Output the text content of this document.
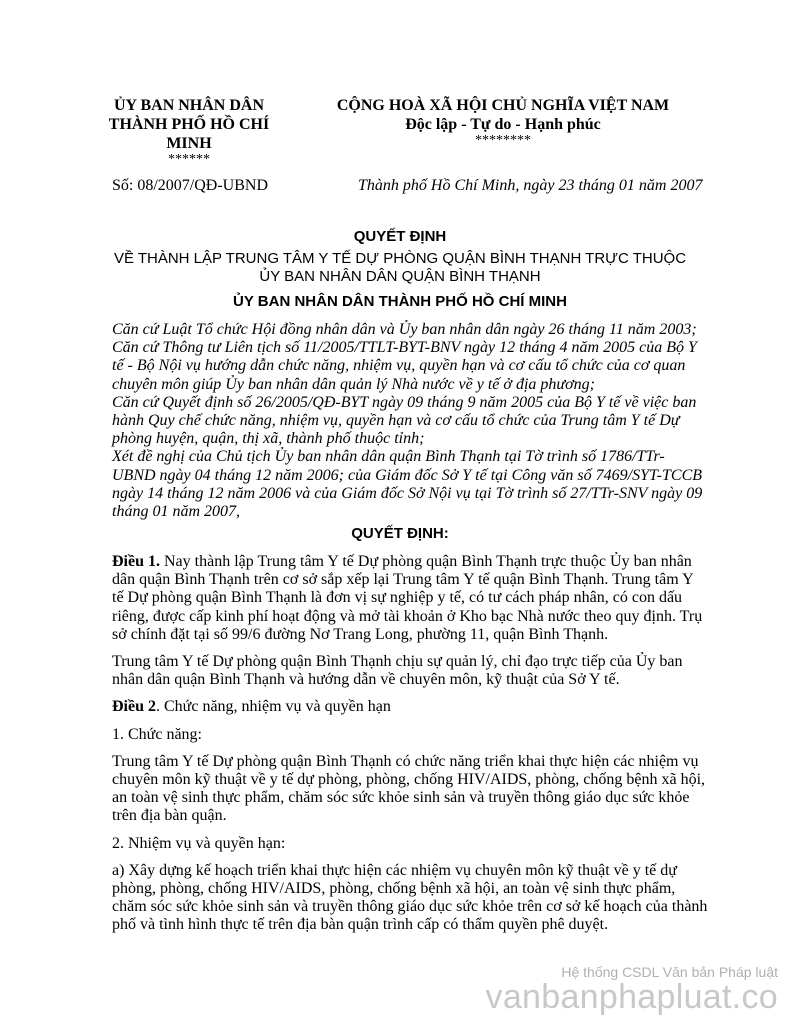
ỦY BAN NHÂN DÂN
THÀNH PHỐ HỒ CHÍ
MINH
******
CỘNG HOÀ XÃ HỘI CHỦ NGHĨA VIỆT NAM
Độc lập - Tự do - Hạnh phúc
********
Số: 08/2007/QĐ-UBND	Thành phố Hồ Chí Minh, ngày 23 tháng 01 năm 2007
QUYẾT ĐỊNH
VỀ THÀNH LẬP TRUNG TÂM Y TẾ DỰ PHÒNG QUẬN BÌNH THẠNH TRỰC THUỘC
ỦY BAN NHÂN DÂN QUẬN BÌNH THẠNH
ỦY BAN NHÂN DÂN THÀNH PHỐ HỒ CHÍ MINH

Căn cứ Luật Tổ chức Hội đồng nhân dân và Ủy ban nhân dân ngày 26 tháng 11 năm 2003;

Căn cứ Thông tư Liên tịch số 11/2005/TTLT-BYT-BNV ngày 12 tháng 4 năm 2005 của Bộ Y tế - Bộ Nội vụ hướng dẫn chức năng, nhiệm vụ, quyền hạn và cơ cấu tổ chức của cơ quan chuyên môn giúp Ủy ban nhân dân quản lý Nhà nước về y tế ở địa phương;

Căn cứ Quyết định số 26/2005/QĐ-BYT ngày 09 tháng 9 năm 2005 của Bộ Y tế về việc ban hành Quy chế chức năng, nhiệm vụ, quyền hạn và cơ cấu tổ chức của Trung tâm Y tế Dự phòng huyện, quận, thị xã, thành phố thuộc tỉnh;

Xét đề nghị của Chủ tịch Ủy ban nhân dân quận Bình Thạnh tại Tờ trình số 1786/TTr-UBND ngày 04 tháng 12 năm 2006; của Giám đốc Sở Y tế tại Công văn số 7469/SYT-TCCB ngày 14 tháng 12 năm 2006 và của Giám đốc Sở Nội vụ tại Tờ trình số 27/TTr-SNV ngày 09 tháng 01 năm 2007,

QUYẾT ĐỊNH:

Điều 1. Nay thành lập Trung tâm Y tế Dự phòng quận Bình Thạnh trực thuộc Ủy ban nhân dân quận Bình Thạnh trên cơ sở sắp xếp lại Trung tâm Y tế quận Bình Thạnh. Trung tâm Y tế Dự phòng quận Bình Thạnh là đơn vị sự nghiệp y tế, có tư cách pháp nhân, có con dấu riêng, được cấp kinh phí hoạt động và mở tài khoản ở Kho bạc Nhà nước theo quy định. Trụ sở chính đặt tại số 99/6 đường Nơ Trang Long, phường 11, quận Bình Thạnh.

Trung tâm Y tế Dự phòng quận Bình Thạnh chịu sự quản lý, chỉ đạo trực tiếp của Ủy ban nhân dân quận Bình Thạnh và hướng dẫn về chuyên môn, kỹ thuật của Sở Y tế.

Điều 2. Chức năng, nhiệm vụ và quyền hạn

1. Chức năng:

Trung tâm Y tế Dự phòng quận Bình Thạnh có chức năng triển khai thực hiện các nhiệm vụ chuyên môn kỹ thuật về y tế dự phòng, phòng, chống HIV/AIDS, phòng, chống bệnh xã hội, an toàn vệ sinh thực phẩm, chăm sóc sức khỏe sinh sản và truyền thông giáo dục sức khỏe trên địa bàn quận.

2. Nhiệm vụ và quyền hạn:

a) Xây dựng kế hoạch triển khai thực hiện các nhiệm vụ chuyên môn kỹ thuật về y tế dự phòng, phòng, chống HIV/AIDS, phòng, chống bệnh xã hội, an toàn vệ sinh thực phẩm, chăm sóc sức khỏe sinh sản và truyền thông giáo dục sức khỏe trên cơ sở kế hoạch của thành phố và tình hình thực tế trên địa bàn quận trình cấp có thẩm quyền phê duyệt.

Hệ thống CSDL Văn bản Pháp luật
vanbanphapluat.co
